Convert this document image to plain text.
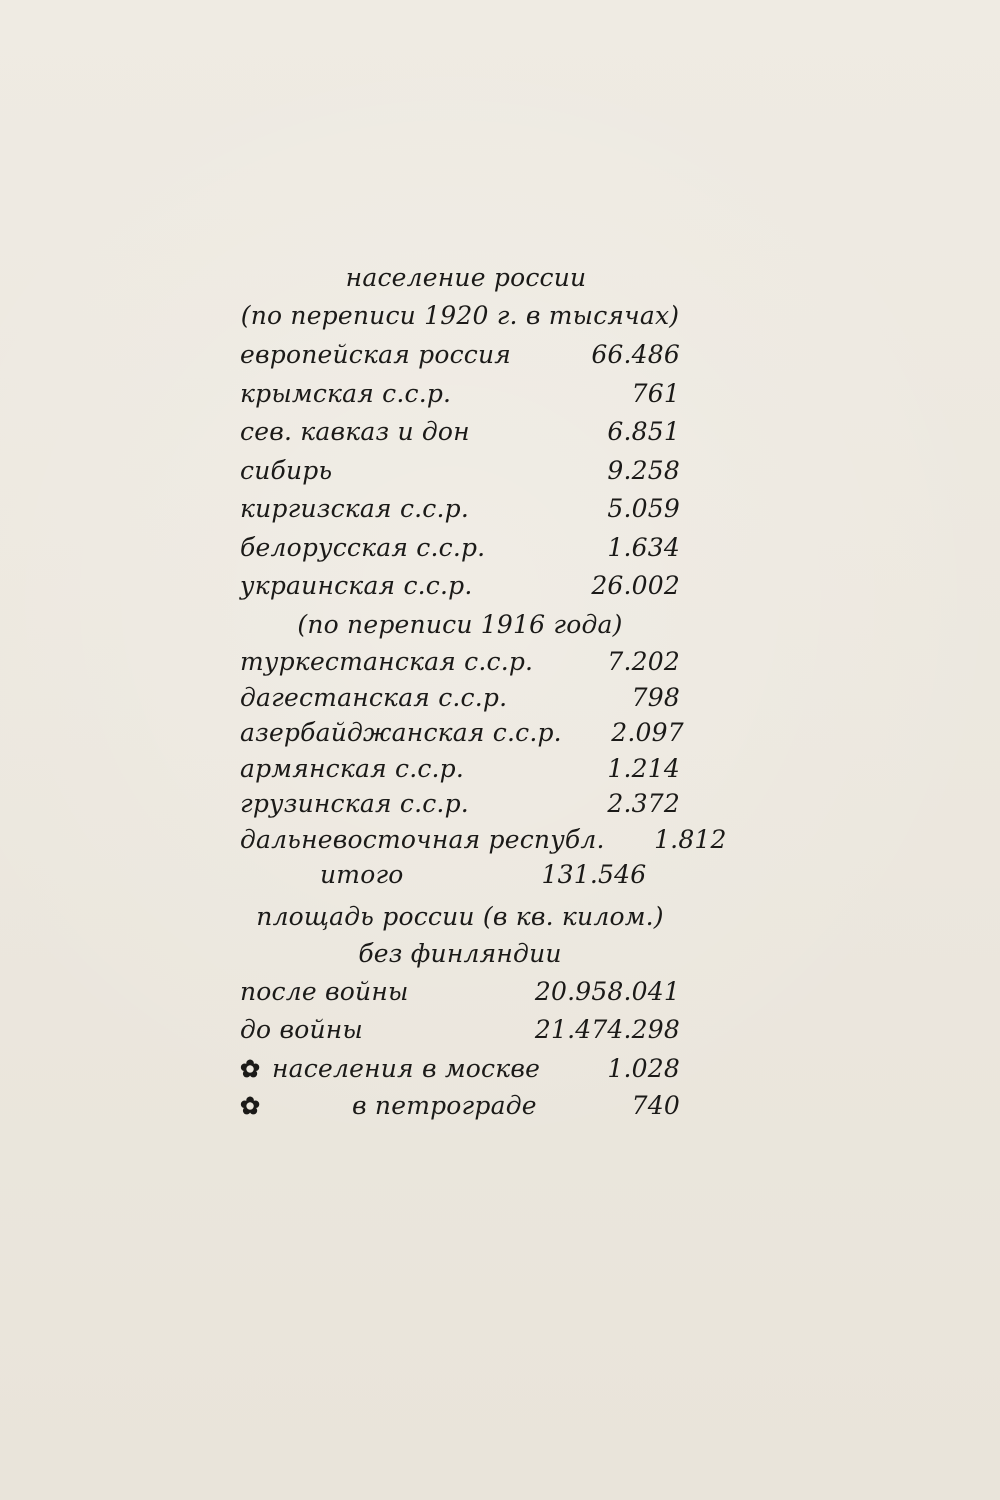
население россии
(по переписи 1920 г. в тысячах)
европейская россия	66.486
крымская с.с.р.	761
сев. кавказ и дон	6.851
сибирь	9.258
киргизская с.с.р.	5.059
белорусская с.с.р.	1.634
украинская с.с.р.	26.002
(по переписи 1916 года)
туркестанская с.с.р.	7.202
дагестанская с.с.р.	798
азербайджанская с.с.р.	2.097
армянская с.с.р.	1.214
грузинская с.с.р.	2.372
дальневосточная республ.	1.812
итого	131.546
площадь россии (в кв. килом.)
без финляндии
после войны	20.958.041
до войны	21.474.298
✿ населения в москве	1.028
✿	в петрограде	740
